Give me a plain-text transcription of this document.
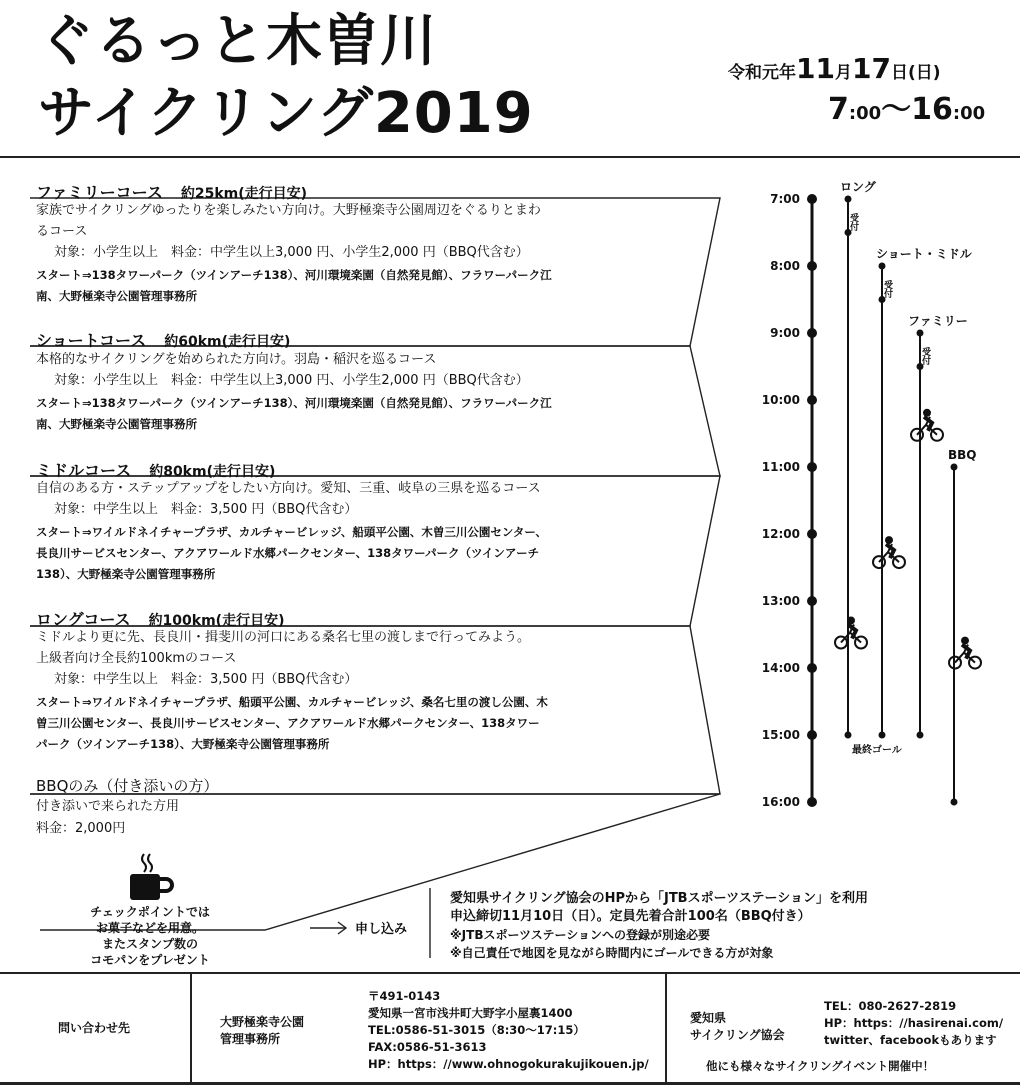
ぐるっと木曽川
サイクリング2019
令和元年11月17日(日)
7:00〜16:00
ファミリーコース 約25km(走行目安)
家族でサイクリングゆったりを楽しみたい方向け。大野極楽寺公園周辺をぐるりとまわ
るコース
対象：小学生以上　料金：中学生以上3,000 円、小学生2,000 円（BBQ代含む）
スタート⇒138タワーパーク（ツインアーチ138）、河川環境楽園（自然発見館）、フラワーパーク江
南、大野極楽寺公園管理事務所
ショートコース 約60km(走行目安)
本格的なサイクリングを始められた方向け。羽島・稲沢を巡るコース
対象：小学生以上　料金：中学生以上3,000 円、小学生2,000 円（BBQ代含む）
スタート⇒138タワーパーク（ツインアーチ138）、河川環境楽園（自然発見館）、フラワーパーク江
南、大野極楽寺公園管理事務所
ミドルコース 約80km(走行目安)
自信のある方・ステップアップをしたい方向け。愛知、三重、岐阜の三県を巡るコース
対象：中学生以上　料金：3,500 円（BBQ代含む）
スタート⇒ワイルドネイチャープラザ、カルチャービレッジ、船頭平公園、木曽三川公園センター、
長良川サービスセンター、アクアワールド水郷パークセンター、138タワーパーク（ツインアーチ
138）、大野極楽寺公園管理事務所
ロングコース 約100km(走行目安)
ミドルより更に先、長良川・揖斐川の河口にある桑名七里の渡しまで行ってみよう。
上級者向け全長約100kmのコース
対象：中学生以上　料金：3,500 円（BBQ代含む）
スタート⇒ワイルドネイチャープラザ、船頭平公園、カルチャービレッジ、桑名七里の渡し公園、木
曽三川公園センター、長良川サービスセンター、アクアワールド水郷パークセンター、138タワー
パーク（ツインアーチ138）、大野極楽寺公園管理事務所
BBQのみ（付き添いの方）
付き添いで来られた方用
料金：2,000円
チェックポイントでは
お菓子などを用意。
またスタンプ数の
コモパンをプレゼント
申し込み
愛知県サイクリング協会のHPから「JTBスポーツステーション」を利用
申込締切11月10日（日）。定員先着合計100名（BBQ付き）
※JTBスポーツステーションへの登録が別途必要
※自己責任で地図を見ながら時間内にゴールできる方が対象
7:00
8:00
9:00
10:00
11:00
12:00
13:00
14:00
15:00
16:00
ロング
受付
ショート・ミドル
受付
ファミリー
受付
BBQ
最終ゴール
問い合わせ先	大野極楽寺公園
管理事務所
〒491-0143
愛知県一宮市浅井町大野字小屋裏1400
TEL:0586-51-3015（8:30〜17:15）
FAX:0586-51-3613
HP：https：//www.ohnogokurakujikouen.jp/
愛知県
サイクリング協会
TEL：080-2627-2819
HP：https：//hasirenai.com/
twitter、facebookもあります
他にも様々なサイクリングイベント開催中！
